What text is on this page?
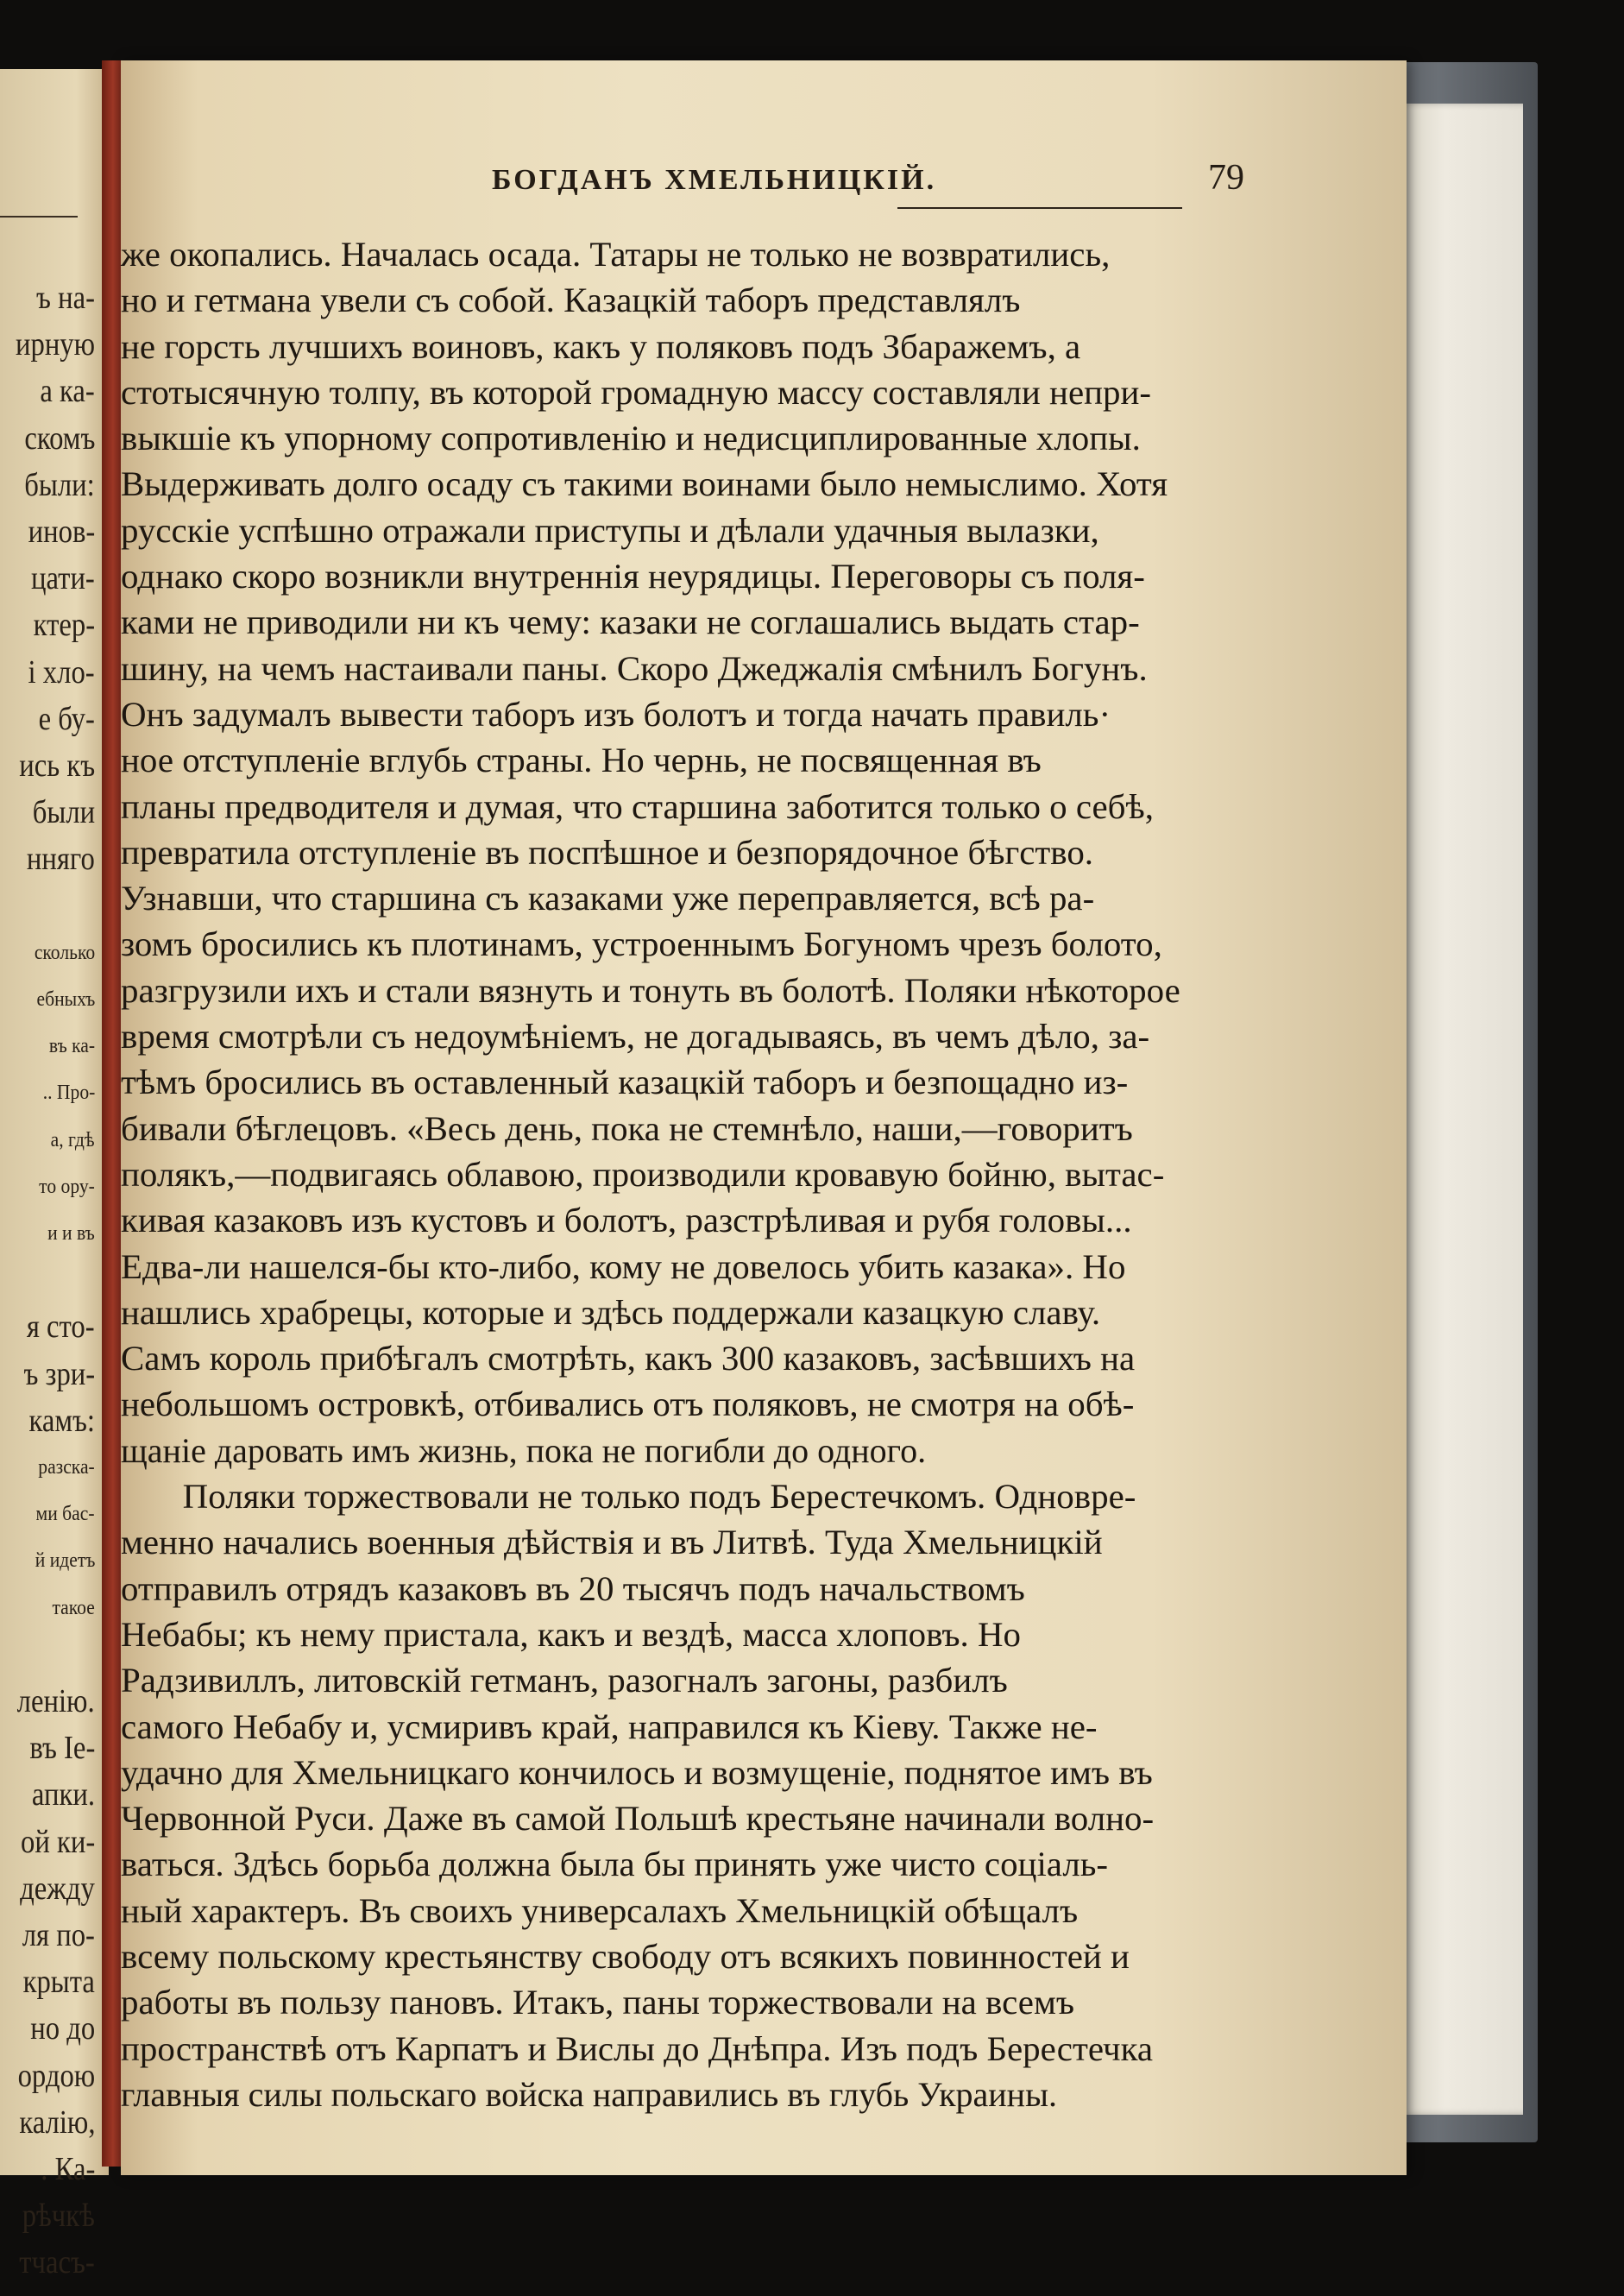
ъ на-
ирную
а ка-
скомъ
были:
инов-
цати-
ктер-
і хло-
е бу-
ись къ
были
нняго
сколько
ебныхъ
въ ка-
.. Про-
а, гдѣ
то ору-
и и въ
я сто-
ъ зри-
камъ:
разска-
ми бас-
й идетъ
такое
ленію.
въ Іе-
апки.
ой ки-
дежду
ля по-
крыта
но до
ордою
калію,
. Ка-
рѣчкѣ
тчасъ-
БОГДАНЪ ХМЕЛЬНИЦКІЙ.	79
же окопались. Началась осада. Татары не только не возвратились,
но и гетмана увели съ собой. Казацкій таборъ представлялъ
не горсть лучшихъ воиновъ, какъ у поляковъ подъ Збаражемъ, а
стотысячную толпу, въ которой громадную массу составляли непри-
выкшіе къ упорному сопротивленію и недисциплированные хлопы.
Выдерживать долго осаду съ такими воинами было немыслимо. Хотя
русскіе успѣшно отражали приступы и дѣлали удачныя вылазки,
однако скоро возникли внутреннія неурядицы. Переговоры съ поля-
ками не приводили ни къ чему: казаки не соглашались выдать стар-
шину, на чемъ настаивали паны. Скоро Джеджалія смѣнилъ Богунъ.
Онъ задумалъ вывести таборъ изъ болотъ и тогда начать правиль·
ное отступленіе вглубь страны. Но чернь, не посвященная въ
планы предводителя и думая, что старшина заботится только о себѣ,
превратила отступленіе въ поспѣшное и безпорядочное бѣгство.
Узнавши, что старшина съ казаками уже переправляется, всѣ ра-
зомъ бросились къ плотинамъ, устроеннымъ Богуномъ чрезъ болото,
разгрузили ихъ и стали вязнуть и тонуть въ болотѣ. Поляки нѣкоторое
время смотрѣли съ недоумѣніемъ, не догадываясь, въ чемъ дѣло, за-
тѣмъ бросились въ оставленный казацкій таборъ и безпощадно из-
бивали бѣглецовъ. «Весь день, пока не стемнѣло, наши,—говоритъ
полякъ,—подвигаясь облавою, производили кровавую бойню, вытас-
кивая казаковъ изъ кустовъ и болотъ, разстрѣливая и рубя головы...
Едва-ли нашелся-бы кто-либо, кому не довелось убить казака». Но
нашлись храбрецы, которые и здѣсь поддержали казацкую славу.
Самъ король прибѣгалъ смотрѣть, какъ 300 казаковъ, засѣвшихъ на
небольшомъ островкѣ, отбивались отъ поляковъ, не смотря на обѣ-
щаніе даровать имъ жизнь, пока не погибли до одного.
Поляки торжествовали не только подъ Берестечкомъ. Одновре-
менно начались военныя дѣйствія и въ Литвѣ. Туда Хмельницкій
отправилъ отрядъ казаковъ въ 20 тысячъ подъ начальствомъ
Небабы; къ нему пристала, какъ и вездѣ, масса хлоповъ. Но
Радзивиллъ, литовскій гетманъ, разогналъ загоны, разбилъ
самого Небабу и, усмиривъ край, направился къ Кіеву. Также не-
удачно для Хмельницкаго кончилось и возмущеніе, поднятое имъ въ
Червонной Руси. Даже въ самой Польшѣ крестьяне начинали волно-
ваться. Здѣсь борьба должна была бы принять уже чисто соціаль-
ный характеръ. Въ своихъ универсалахъ Хмельницкій обѣщалъ
всему польскому крестьянству свободу отъ всякихъ повинностей и
работы въ пользу пановъ. Итакъ, паны торжествовали на всемъ
пространствѣ отъ Карпатъ и Вислы до Днѣпра. Изъ подъ Берестечка
главныя силы польскаго войска направились въ глубь Украины.
